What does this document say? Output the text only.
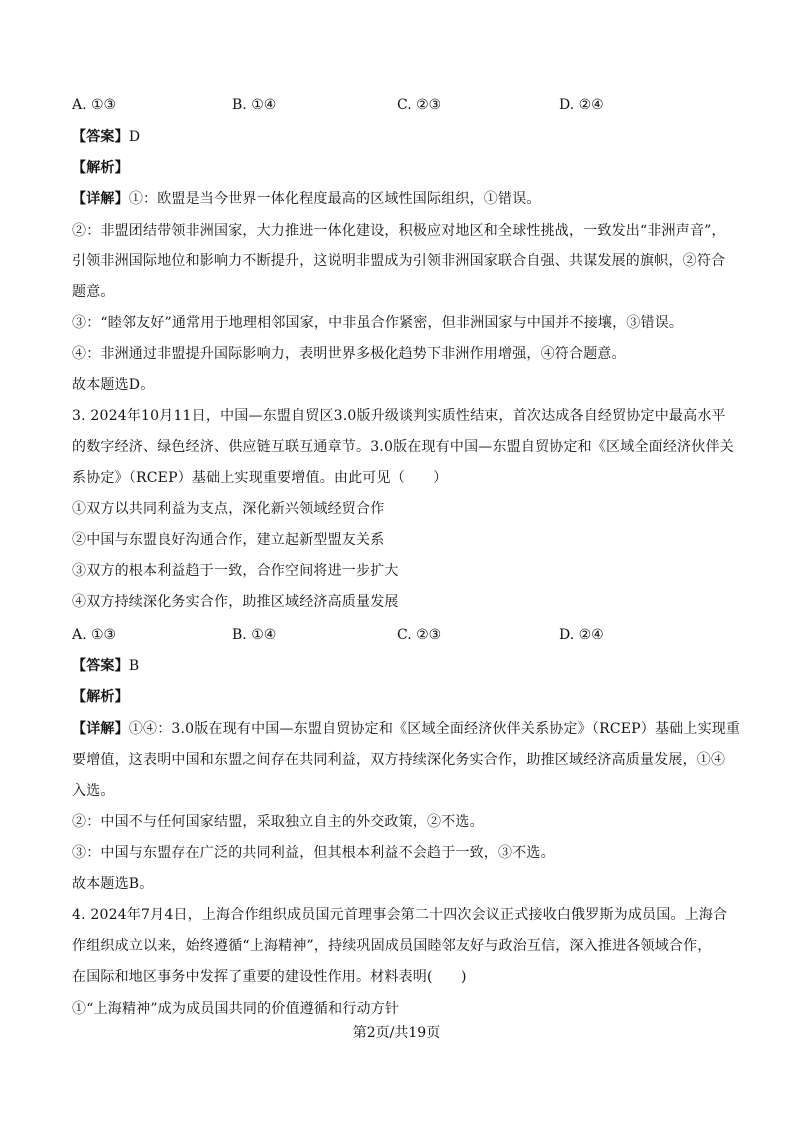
A. ①③	B. ①④	C. ②③	D. ②④
【答案】D
【解析】
【详解】①：欧盟是当今世界一体化程度最高的区域性国际组织，①错误。
②：非盟团结带领非洲国家，大力推进一体化建设，积极应对地区和全球性挑战，一致发出“非洲声音”，
引领非洲国际地位和影响力不断提升，这说明非盟成为引领非洲国家联合自强、共谋发展的旗帜，②符合
题意。
③：“睦邻友好”通常用于地理相邻国家，中非虽合作紧密，但非洲国家与中国并不接壤，③错误。
④：非洲通过非盟提升国际影响力，表明世界多极化趋势下非洲作用增强，④符合题意。
故本题选D。
3. 2024年10月11日，中国—东盟自贸区3.0版升级谈判实质性结束，首次达成各自经贸协定中最高水平
的数字经济、绿色经济、供应链互联互通章节。3.0版在现有中国—东盟自贸协定和《区域全面经济伙伴关
系协定》（RCEP）基础上实现重要增值。由此可见（　　）
①双方以共同利益为支点，深化新兴领域经贸合作
②中国与东盟良好沟通合作，建立起新型盟友关系
③双方的根本利益趋于一致，合作空间将进一步扩大
④双方持续深化务实合作，助推区域经济高质量发展
A. ①③	B. ①④	C. ②③	D. ②④
【答案】B
【解析】
【详解】①④：3.0版在现有中国—东盟自贸协定和《区域全面经济伙伴关系协定》（RCEP）基础上实现重
要增值，这表明中国和东盟之间存在共同利益，双方持续深化务实合作，助推区域经济高质量发展，①④
入选。
②：中国不与任何国家结盟，采取独立自主的外交政策，②不选。
③：中国与东盟存在广泛的共同利益，但其根本利益不会趋于一致，③不选。
故本题选B。
4. 2024年7月4日，上海合作组织成员国元首理事会第二十四次会议正式接收白俄罗斯为成员国。上海合
作组织成立以来，始终遵循“上海精神”，持续巩固成员国睦邻友好与政治互信，深入推进各领域合作，
在国际和地区事务中发挥了重要的建设性作用。材料表明(　　)
①“上海精神”成为成员国共同的价值遵循和行动方针
第2页/共19页
